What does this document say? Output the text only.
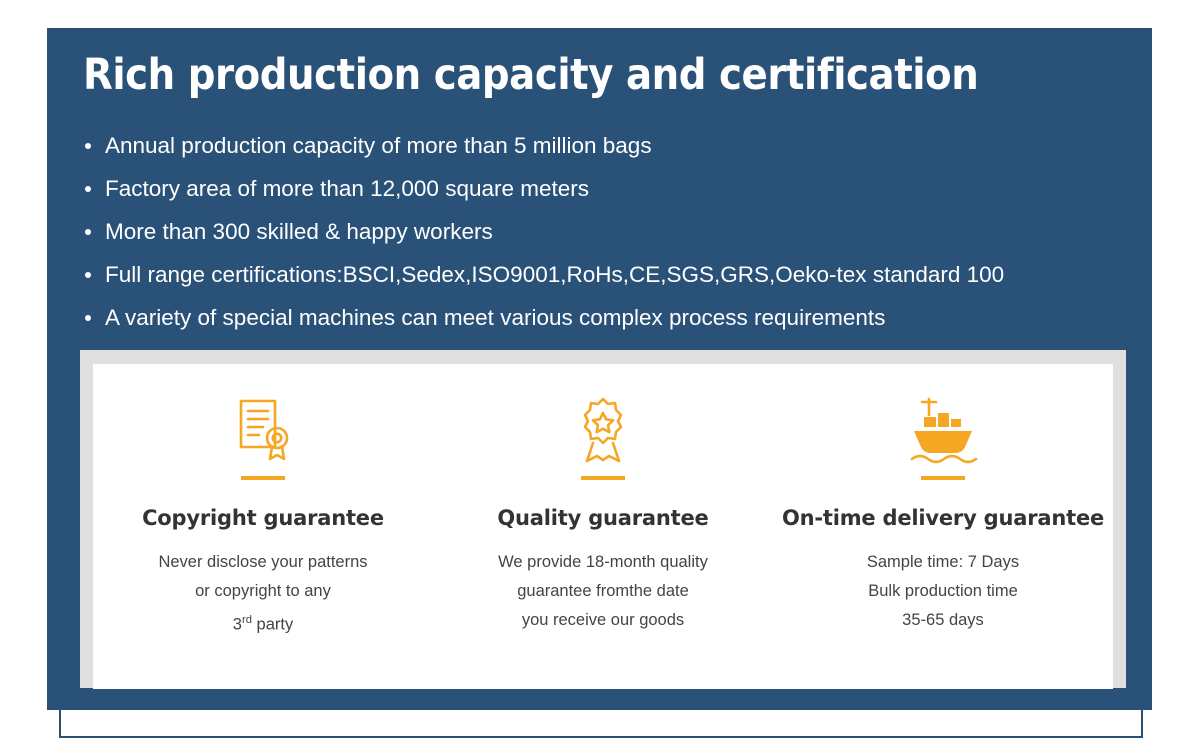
Rich production capacity and certification
Annual production capacity of more than 5 million bags
Factory area of more than 12,000 square meters
More than 300 skilled & happy workers
Full range certifications:BSCI,Sedex,ISO9001,RoHs,CE,SGS,GRS,Oeko-tex standard 100
A variety of special machines can meet various complex process requirements
Copyright guarantee
Never disclose your patterns
or copyright to any
3rd party
Quality guarantee
We provide 18-month quality
guarantee fromthe date
you receive our goods
On-time delivery guarantee
Sample time: 7 Days
Bulk production time
35-65 days
